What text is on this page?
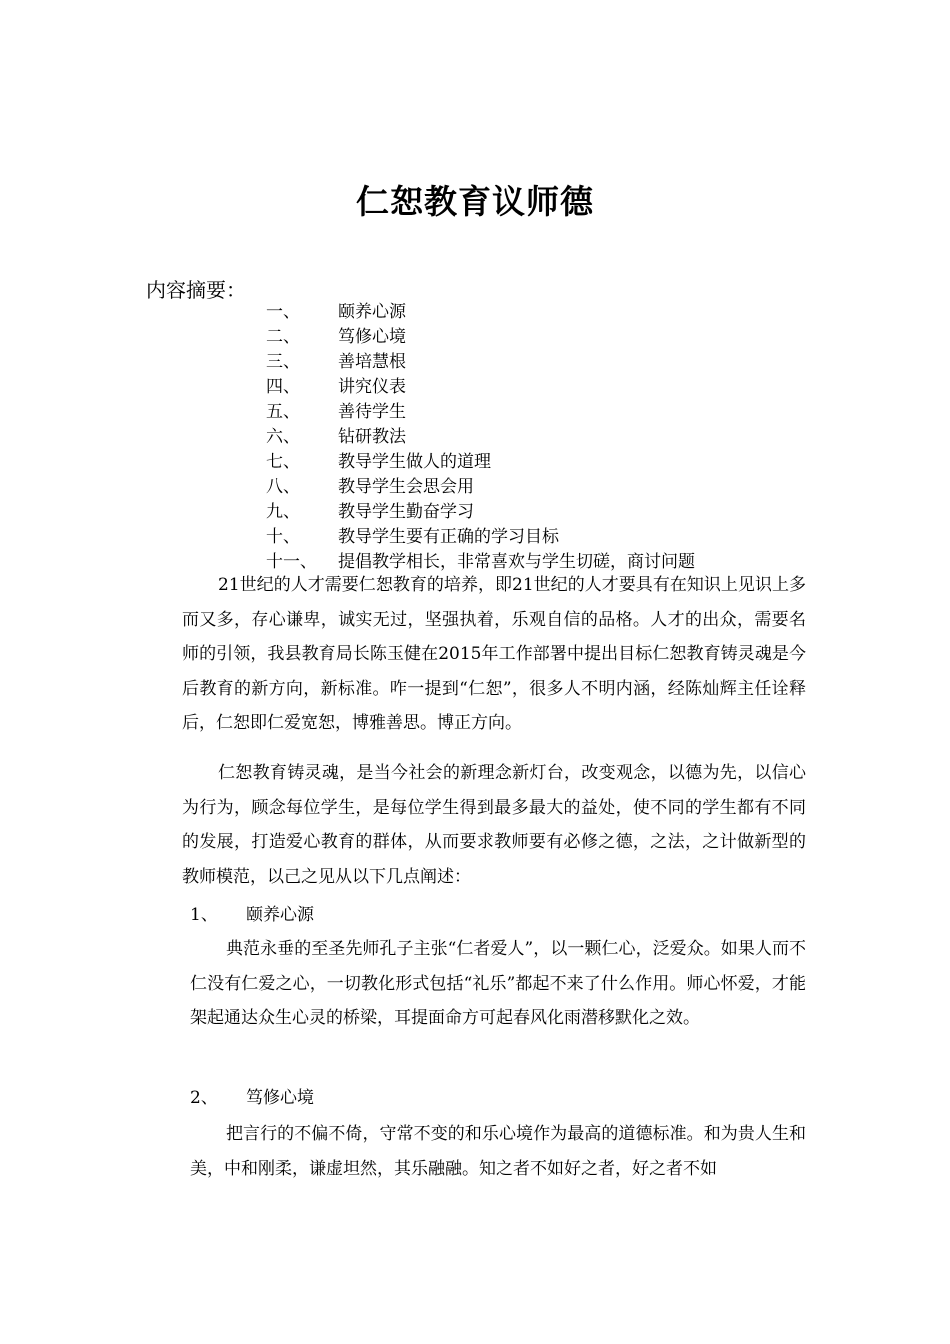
仁恕教育议师德
内容摘要：
一、	颐养心源
二、	笃修心境
三、	善培慧根
四、	讲究仪表
五、	善待学生
六、	钻研教法
七、	教导学生做人的道理
八、	教导学生会思会用
九、	教导学生勤奋学习
十、	教导学生要有正确的学习目标
十一、	提倡教学相长，非常喜欢与学生切磋，商讨问题
21世纪的人才需要仁恕教育的培养，即21世纪的人才要具有在知识上见识上多而又多，存心谦卑，诚实无过，坚强执着，乐观自信的品格。人才的出众，需要名师的引领，我县教育局长陈玉健在2015年工作部署中提出目标仁恕教育铸灵魂是今后教育的新方向，新标准。咋一提到“仁恕”，很多人不明内涵，经陈灿辉主任诠释后，仁恕即仁爱宽恕，博雅善思。博正方向。
仁恕教育铸灵魂，是当今社会的新理念新灯台，改变观念，以德为先，以信心为行为，顾念每位学生，是每位学生得到最多最大的益处，使不同的学生都有不同的发展，打造爱心教育的群体，从而要求教师要有必修之德，之法，之计做新型的教师模范，以己之见从以下几点阐述：
1、 颐养心源
典范永垂的至圣先师孔子主张“仁者爱人”，以一颗仁心，泛爱众。如果人而不仁没有仁爱之心，一切教化形式包括“礼乐”都起不来了什么作用。师心怀爱，才能架起通达众生心灵的桥梁，耳提面命方可起春风化雨潜移默化之效。
2、 笃修心境
把言行的不偏不倚，守常不变的和乐心境作为最高的道德标准。和为贵人生和美，中和刚柔，谦虚坦然，其乐融融。知之者不如好之者，好之者不如
